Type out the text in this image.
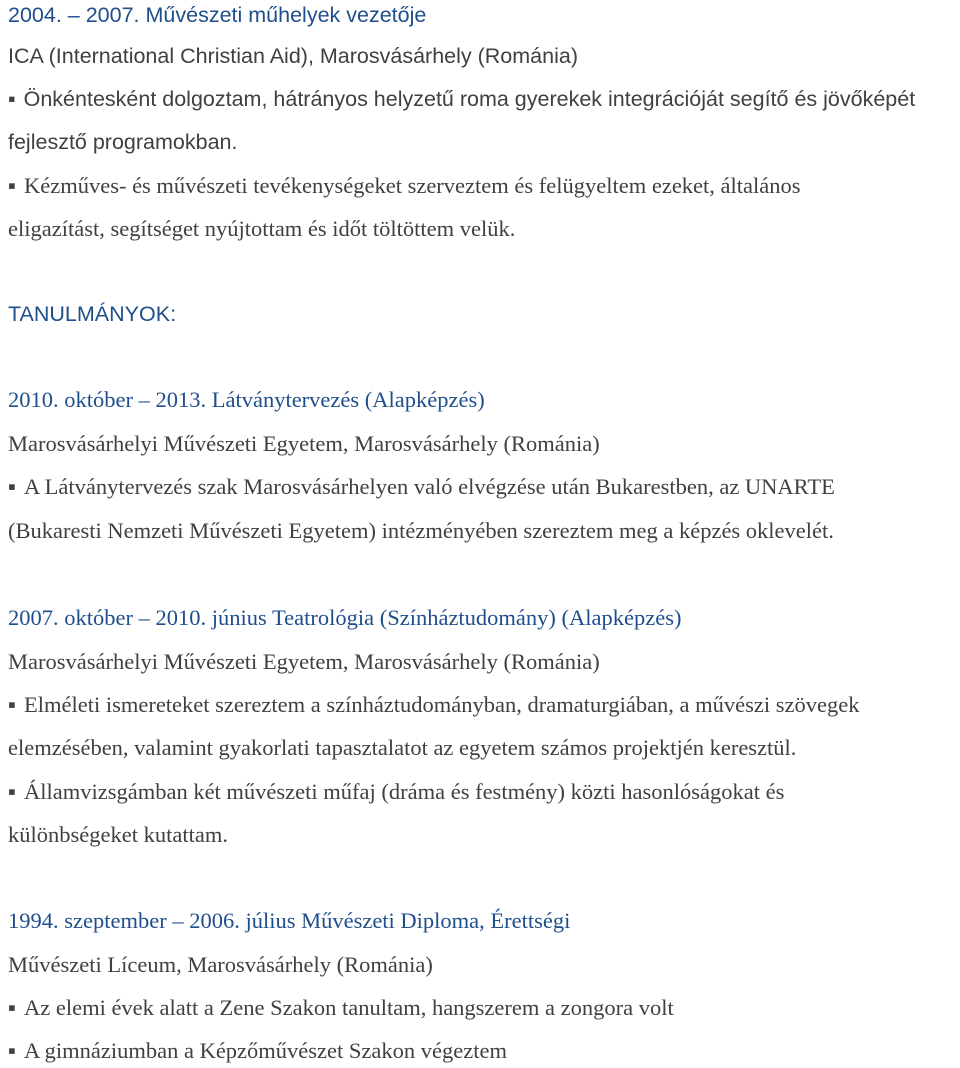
2004. – 2007. Művészeti műhelyek vezetője
ICA (International Christian Aid), Marosvásárhely (Románia)
▪ Önkéntesként dolgoztam, hátrányos helyzetű roma gyerekek integrációját segítő és jövőképét
fejlesztő programokban.
▪ Kézműves- és művészeti tevékenységeket szerveztem és felügyeltem ezeket, általános
eligazítást, segítséget nyújtottam és időt töltöttem velük.
TANULMÁNYOK:
2010. október – 2013. Látványtervezés (Alapképzés)
Marosvásárhelyi Művészeti Egyetem, Marosvásárhely (Románia)
▪ A Látványtervezés szak Marosvásárhelyen való elvégzése után Bukarestben, az UNARTE
(Bukaresti Nemzeti Művészeti Egyetem) intézményében szereztem meg a képzés oklevelét.
2007. október – 2010. június Teatrológia (Színháztudomány) (Alapképzés)
Marosvásárhelyi Művészeti Egyetem, Marosvásárhely (Románia)
▪ Elméleti ismereteket szereztem a színháztudományban, dramaturgiában, a művészi szövegek
elemzésében, valamint gyakorlati tapasztalatot az egyetem számos projektjén keresztül.
▪ Államvizsgámban két művészeti műfaj (dráma és festmény) közti hasonlóságokat és
különbségeket kutattam.
1994. szeptember – 2006. július Művészeti Diploma, Érettségi
Művészeti Líceum, Marosvásárhely (Románia)
▪ Az elemi évek alatt a Zene Szakon tanultam, hangszerem a zongora volt
▪ A gimnáziumban a Képzőművészet Szakon végeztem
